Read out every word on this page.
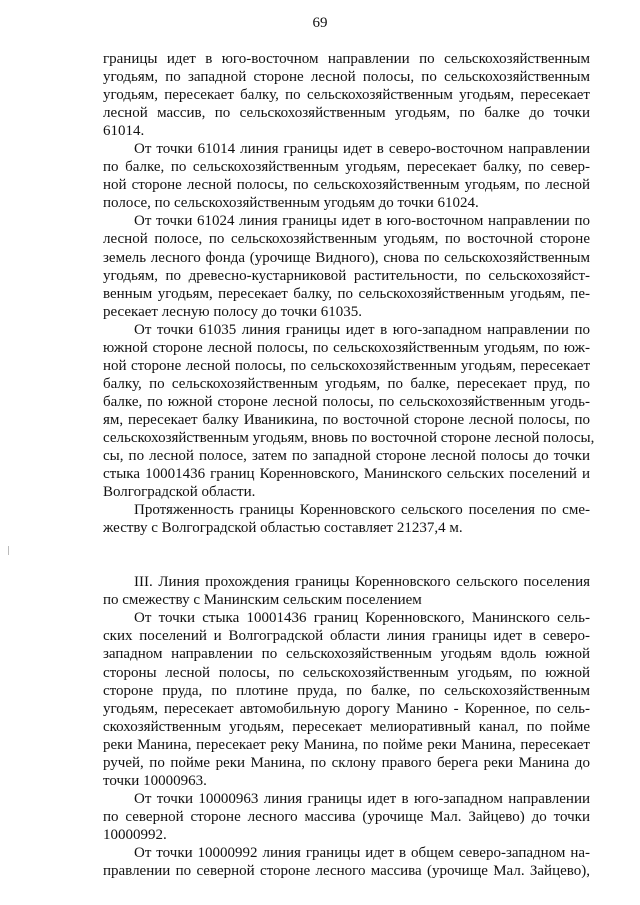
69
границы идет в юго-восточном направлении по сельскохозяйственным
угодьям, по западной стороне лесной полосы, по сельскохозяйственным
угодьям, пересекает балку, по сельскохозяйственным угодьям, пересекает
лесной массив, по сельскохозяйственным угодьям, по балке до точки
61014.
От точки 61014 линия границы идет в северо-восточном направлении
по балке, по сельскохозяйственным угодьям, пересекает балку, по север-
ной стороне лесной полосы, по сельскохозяйственным угодьям, по лесной
полосе, по сельскохозяйственным угодьям до точки 61024.
От точки 61024 линия границы идет в юго-восточном направлении по
лесной полосе, по сельскохозяйственным угодьям, по восточной стороне
земель лесного фонда (урочище Видного), снова по сельскохозяйственным
угодьям, по древесно-кустарниковой растительности, по сельскохозяйст-
венным угодьям, пересекает балку, по сельскохозяйственным угодьям, пе-
ресекает лесную полосу до точки 61035.
От точки 61035 линия границы идет в юго-западном направлении по
южной стороне лесной полосы, по сельскохозяйственным угодьям, по юж-
ной стороне лесной полосы, по сельскохозяйственным угодьям, пересекает
балку, по сельскохозяйственным угодьям, по балке, пересекает пруд, по
балке, по южной стороне лесной полосы, по сельскохозяйственным угодь-
ям, пересекает балку Иваникина, по восточной стороне лесной полосы, по
сельскохозяйственным угодьям, вновь по восточной стороне лесной полосы,
сы, по лесной полосе, затем по западной стороне лесной полосы до точки
стыка 10001436 границ Коренновского, Манинского сельских поселений и
Волгоградской области.
Протяженность границы Коренновского сельского поселения по сме-
жеству с Волгоградской областью составляет 21237,4 м.
III. Линия прохождения границы Коренновского сельского поселения
по смежеству с Манинским сельским поселением
От точки стыка 10001436 границ Коренновского, Манинского сель-
ских поселений и Волгоградской области линия границы идет в северо-
западном направлении по сельскохозяйственным угодьям вдоль южной
стороны лесной полосы, по сельскохозяйственным угодьям, по южной
стороне пруда, по плотине пруда, по балке, по сельскохозяйственным
угодьям, пересекает автомобильную дорогу Манино - Коренное, по сель-
скохозяйственным угодьям, пересекает мелиоративный канал, по пойме
реки Манина, пересекает реку Манина, по пойме реки Манина, пересекает
ручей, по пойме реки Манина, по склону правого берега реки Манина до
точки 10000963.
От точки 10000963 линия границы идет в юго-западном направлении
по северной стороне лесного массива (урочище Мал. Зайцево) до точки
10000992.
От точки 10000992 линия границы идет в общем северо-западном на-
правлении по северной стороне лесного массива (урочище Мал. Зайцево),
